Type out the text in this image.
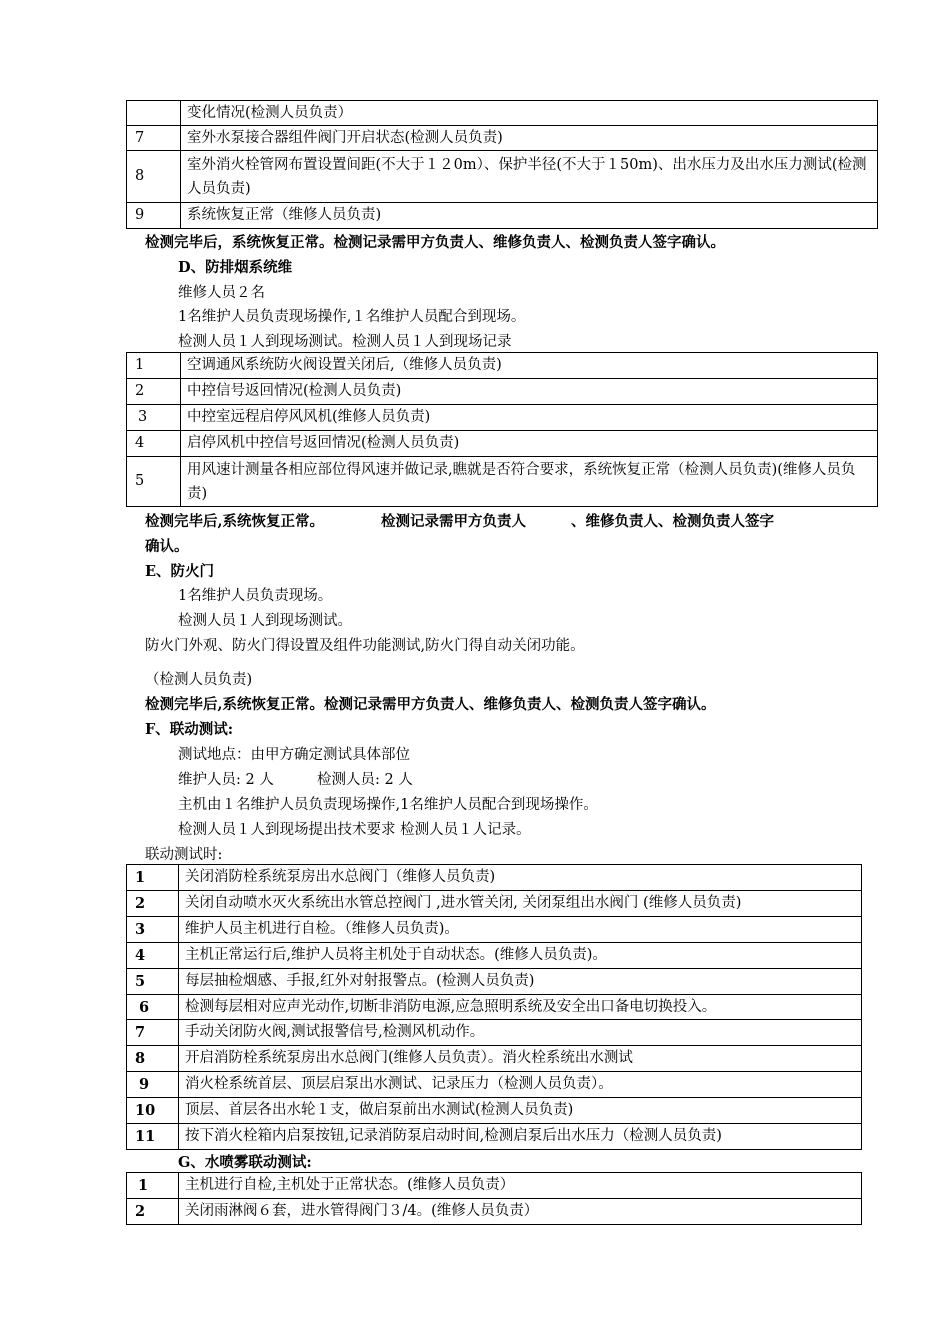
	变化情况(检测人员负责）
7	室外水泵接合器组件阀门开启状态(检测人员负责)
8	室外消火栓管网布置设置间距(不大于１２0m）、保护半径(不大于１50m)、出水压力及出水压力测试(检测人员负责)
9	系统恢复正常（维修人员负责)
检测完毕后，系统恢复正常。检测记录需甲方负责人、维修负责人、检测负责人签字确认。
D、防排烟系统维
维修人员２名
1名维护人员负责现场操作,１名维护人员配合到现场。
检测人员１人到现场测试。检测人员１人到现场记录
1	空调通风系统防火阀设置关闭后,（维修人员负责)
2	中控信号返回情况(检测人员负责)
3	中控室远程启停风风机(维修人员负责)
4	启停风机中控信号返回情况(检测人员负责)
5	用风速计测量各相应部位得风速并做记录,瞧就是否符合要求，系统恢复正常（检测人员负责)(维修人员负责)
检测完毕后,系统恢复正常。	检测记录需甲方负责人	、维修负责人、检测负责人签字
确认。
E、防火门
1名维护人员负责现场。
检测人员１人到现场测试。
防火门外观、防火门得设置及组件功能测试,防火门得自动关闭功能。
（检测人员负责)
检测完毕后,系统恢复正常。检测记录需甲方负责人、维修负责人、检测负责人签字确认。
F、联动测试:
测试地点：由甲方确定测试具体部位
维护人员: 2 人	检测人员: 2 人
主机由１名维护人员负责现场操作,1名维护人员配合到现场操作。
检测人员１人到现场提出技术要求 检测人员１人记录。
联动测试时:
1	关闭消防栓系统泵房出水总阀门（维修人员负责)
2	关闭自动喷水灭火系统出水管总控阀门 ,进水管关闭, 关闭泵组出水阀门 (维修人员负责)
3	维护人员主机进行自检。（维修人员负责)。
4	主机正常运行后,维护人员将主机处于自动状态。(维修人员负责)。
5	每层抽检烟感、手报,红外对射报警点。(检测人员负责)
6	检测每层相对应声光动作,切断非消防电源,应急照明系统及安全出口备电切换投入。
7	手动关闭防火阀,测试报警信号,检测风机动作。
8	开启消防栓系统泵房出水总阀门(维修人员负责）。消火栓系统出水测试
9	消火栓系统首层、顶层启泵出水测试、记录压力（检测人员负责）。
10	顶层、首层各出水轮１支，做启泵前出水测试(检测人员负责)
11	按下消火栓箱内启泵按钮,记录消防泵启动时间,检测启泵后出水压力（检测人员负责)
G、水喷雾联动测试:
1	主机进行自检,主机处于正常状态。(维修人员负责）
2	关闭雨淋阀６套，进水管得阀门３/4。(维修人员负责）
